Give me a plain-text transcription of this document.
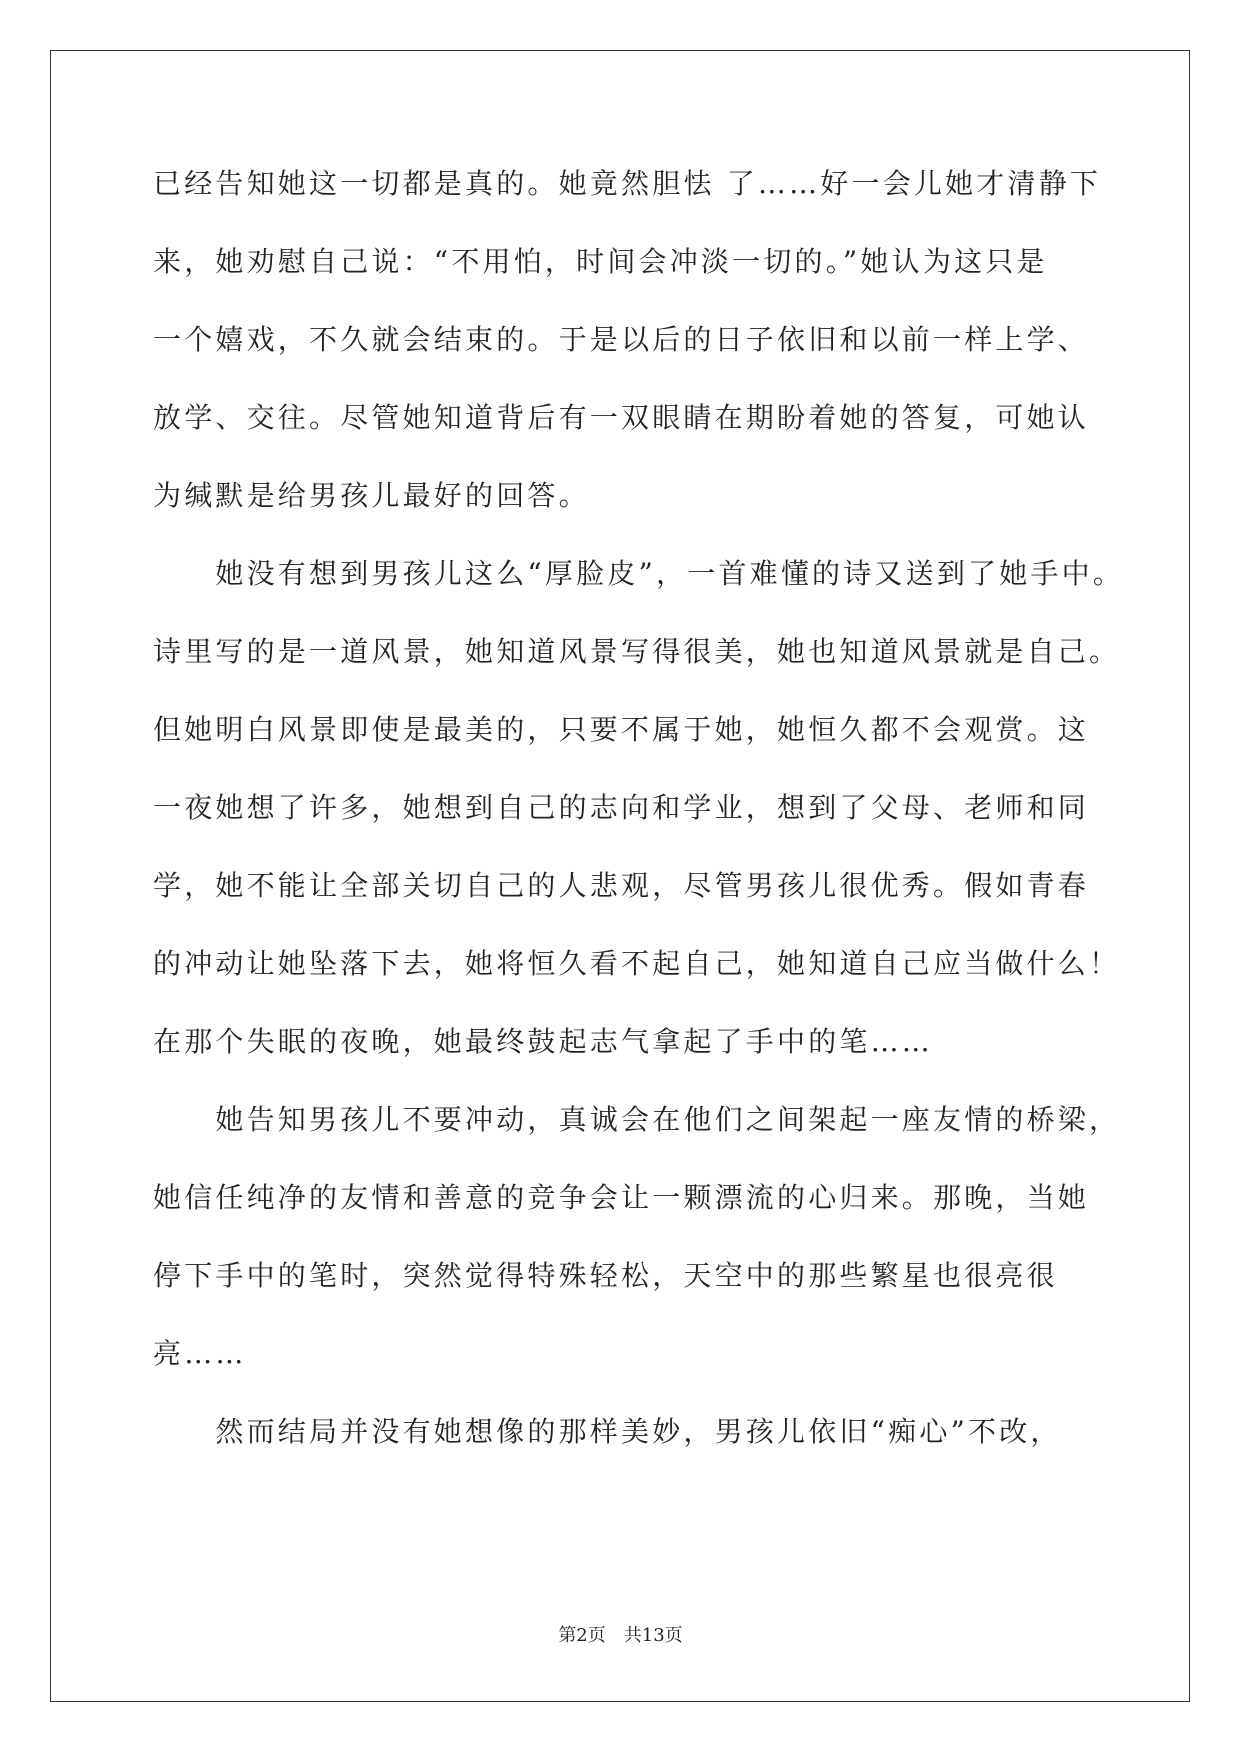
已经告知她这一切都是真的。她竟然胆怯 了……好一会儿她才清静下
来，她劝慰自己说：“不用怕，时间会冲淡一切的。”她认为这只是
一个嬉戏，不久就会结束的。于是以后的日子依旧和以前一样上学、
放学、交往。尽管她知道背后有一双眼睛在期盼着她的答复，可她认
为缄默是给男孩儿最好的回答。
　　她没有想到男孩儿这么“厚脸皮”，一首难懂的诗又送到了她手中。
诗里写的是一道风景，她知道风景写得很美，她也知道风景就是自己。
但她明白风景即使是最美的，只要不属于她，她恒久都不会观赏。这
一夜她想了许多，她想到自己的志向和学业，想到了父母、老师和同
学，她不能让全部关切自己的人悲观，尽管男孩儿很优秀。假如青春
的冲动让她坠落下去，她将恒久看不起自己，她知道自己应当做什么！
在那个失眠的夜晚，她最终鼓起志气拿起了手中的笔……
　　她告知男孩儿不要冲动，真诚会在他们之间架起一座友情的桥梁，
她信任纯净的友情和善意的竞争会让一颗漂流的心归来。那晚，当她
停下手中的笔时，突然觉得特殊轻松，天空中的那些繁星也很亮很
亮……
　　然而结局并没有她想像的那样美妙，男孩儿依旧“痴心”不改，
第2页　共13页
